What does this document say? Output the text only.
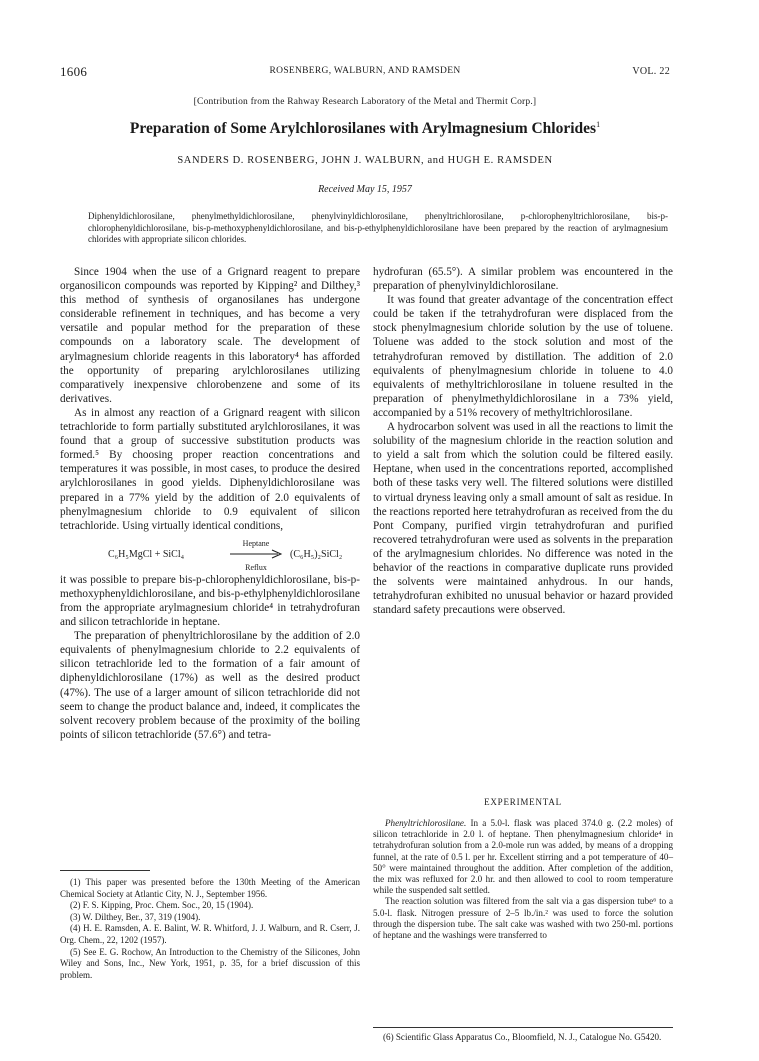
1606	ROSENBERG, WALBURN, AND RAMSDEN	VOL. 22
[Contribution from the Rahway Research Laboratory of the Metal and Thermit Corp.]
Preparation of Some Arylchlorosilanes with Arylmagnesium Chlorides$^1$
SANDERS D. ROSENBERG, JOHN J. WALBURN, and HUGH E. RAMSDEN
Received May 15, 1957
Diphenyldichlorosilane, phenylmethyldichlorosilane, phenylvinyldichlorosilane, phenyltrichlorosilane, p-chlorophenyltrichlorosilane, bis-p-chlorophenyldichlorosilane, bis-p-methoxyphenyldichlorosilane, and bis-p-ethylphenyldichlorosilane have been prepared by the reaction of arylmagnesium chlorides with appropriate silicon chlorides.

Since 1904 when the use of a Grignard reagent to prepare organosilicon compounds was reported by Kipping² and Dilthey,³ this method of synthesis of organosilanes has undergone considerable refinement in techniques, and has become a very versatile and popular method for the preparation of these compounds on a laboratory scale. The development of arylmagnesium chloride reagents in this laboratory⁴ has afforded the opportunity of preparing arylchlorosilanes utilizing comparatively inexpensive chlorobenzene and some of its derivatives.

As in almost any reaction of a Grignard reagent with silicon tetrachloride to form partially substituted arylchlorosilanes, it was found that a group of successive substitution products was formed.⁵ By choosing proper reaction concentrations and temperatures it was possible, in most cases, to produce the desired arylchlorosilanes in good yields. Diphenyldichlorosilane was prepared in a 77% yield by the addition of 2.0 equivalents of phenylmagnesium chloride to 0.9 equivalent of silicon tetrachloride. Using virtually identical conditions,

C₆H₅MgCl + SiCl₄
Heptane
Reflux
(C₆H₅)₂SiCl₂

it was possible to prepare bis-p-chlorophenyldichlorosilane, bis-p-methoxyphenyldichlorosilane, and bis-p-ethylphenyldichlorosilane from the appropriate arylmagnesium chloride⁴ in tetrahydrofuran and silicon tetrachloride in heptane.

The preparation of phenyltrichlorosilane by the addition of 2.0 equivalents of phenylmagnesium chloride to 2.2 equivalents of silicon tetrachloride led to the formation of a fair amount of diphenyldichlorosilane (17%) as well as the desired product (47%). The use of a larger amount of silicon tetrachloride did not seem to change the product balance and, indeed, it complicates the solvent recovery problem because of the proximity of the boiling points of silicon tetrachloride (57.6°) and tetra-

(1) This paper was presented before the 130th Meeting of the American Chemical Society at Atlantic City, N. J., September 1956.
(2) F. S. Kipping, Proc. Chem. Soc., 20, 15 (1904).
(3) W. Dilthey, Ber., 37, 319 (1904).
(4) H. E. Ramsden, A. E. Balint, W. R. Whitford, J. J. Walburn, and R. Cserr, J. Org. Chem., 22, 1202 (1957).
(5) See E. G. Rochow, An Introduction to the Chemistry of the Silicones, John Wiley and Sons, Inc., New York, 1951, p. 35, for a brief discussion of this problem.

hydrofuran (65.5°). A similar problem was encountered in the preparation of phenylvinyldichlorosilane.

It was found that greater advantage of the concentration effect could be taken if the tetrahydrofuran were displaced from the stock phenylmagnesium chloride solution by the use of toluene. Toluene was added to the stock solution and most of the tetrahydrofuran removed by distillation. The addition of 2.0 equivalents of phenylmagnesium chloride in toluene to 4.0 equivalents of methyltrichlorosilane in toluene resulted in the preparation of phenylmethyldichlorosilane in a 73% yield, accompanied by a 51% recovery of methyltrichlorosilane.

A hydrocarbon solvent was used in all the reactions to limit the solubility of the magnesium chloride in the reaction solution and to yield a salt from which the solution could be filtered easily. Heptane, when used in the concentrations reported, accomplished both of these tasks very well. The filtered solutions were distilled to virtual dryness leaving only a small amount of salt as residue. In the reactions reported here tetrahydrofuran as received from the du Pont Company, purified virgin tetrahydrofuran and purified recovered tetrahydrofuran were used as solvents in the preparation of the arylmagnesium chlorides. No difference was noted in the behavior of the reactions in comparative duplicate runs provided the solvents were maintained anhydrous. In our hands, tetrahydrofuran exhibited no unusual behavior or hazard provided standard safety precautions were observed.

EXPERIMENTAL

Phenyltrichlorosilane. In a 5.0-l. flask was placed 374.0 g. (2.2 moles) of silicon tetrachloride in 2.0 l. of heptane. Then phenylmagnesium chloride⁴ in tetrahydrofuran solution from a 2.0-mole run was added, by means of a dropping funnel, at the rate of 0.5 l. per hr. Excellent stirring and a pot temperature of 40–50° were maintained throughout the addition. After completion of the addition, the mix was refluxed for 2.0 hr. and then allowed to cool to room temperature while the suspended salt settled.

The reaction solution was filtered from the salt via a gas dispersion tube⁶ to a 5.0-l. flask. Nitrogen pressure of 2–5 lb./in.² was used to force the solution through the dispersion tube. The salt cake was washed with two 250-ml. portions of heptane and the washings were transferred to

(6) Scientific Glass Apparatus Co., Bloomfield, N. J., Catalogue No. G5420.
